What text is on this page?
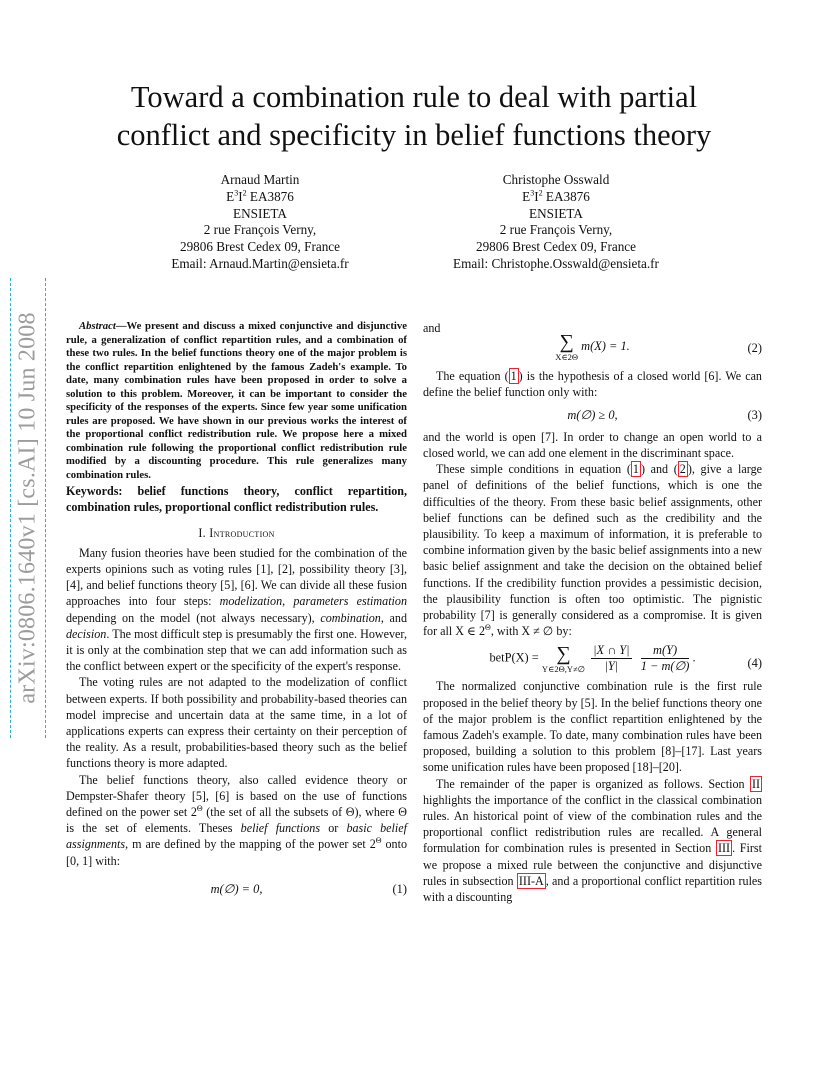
Toward a combination rule to deal with partial
conflict and specificity in belief functions theory
Arnaud Martin
$E^3I^2$ EA3876
ENSIETA
2 rue François Verny,
29806 Brest Cedex 09, France
Email: Arnaud.Martin@ensieta.fr
Christophe Osswald
$E^3I^2$ EA3876
ENSIETA
2 rue François Verny,
29806 Brest Cedex 09, France
Email: Christophe.Osswald@ensieta.fr
arXiv:0806.1640v1 [cs.AI] 10 Jun 2008	Abstract—We present and discuss a mixed conjunctive and disjunctive rule, a generalization of conflict repartition rules, and a combination of these two rules. In the belief functions theory one of the major problem is the conflict repartition enlightened by the famous Zadeh's example. To date, many combination rules have been proposed in order to solve a solution to this problem. Moreover, it can be important to consider the specificity of the responses of the experts. Since few year some unification rules are proposed. We have shown in our previous works the interest of the proportional conflict redistribution rule. We propose here a mixed combination rule following the proportional conflict redistribution rule modified by a discounting procedure. This rule generalizes many combination rules.

Keywords: belief functions theory, conflict repartition, combination rules, proportional conflict redistribution rules.

I. Introduction

Many fusion theories have been studied for the combination of the experts opinions such as voting rules [1], [2], possibility theory [3], [4], and belief functions theory [5], [6]. We can divide all these fusion approaches into four steps: modelization, parameters estimation depending on the model (not always necessary), combination, and decision. The most difficult step is presumably the first one. However, it is only at the combination step that we can add information such as the conflict between expert or the specificity of the expert's response.

The voting rules are not adapted to the modelization of conflict between experts. If both possibility and probability-based theories can model imprecise and uncertain data at the same time, in a lot of applications experts can express their certainty on their perception of the reality. As a result, probabilities-based theory such as the belief functions theory is more adapted.

The belief functions theory, also called evidence theory or Dempster-Shafer theory [5], [6] is based on the use of functions defined on the power set $2^\Theta$ (the set of all the subsets of Θ), where Θ is the set of elements. Theses belief functions or basic belief assignments, m are defined by the mapping of the power set $2^\Theta$ onto [0, 1] with:

m(∅) = 0,	(1)

and

∑
X∈2Θ
m(X) = 1.	(2)

The equation ( 1 ) is the hypothesis of a closed world [6]. We can define the belief function only with:

m(∅) ≥ 0,	(3)

and the world is open [7]. In order to change an open world to a closed world, we can add one element in the discriminant space.

These simple conditions in equation ( 1 ) and ( 2 ), give a large panel of definitions of the belief functions, which is one the difficulties of the theory. From these basic belief assignments, other belief functions can be defined such as the credibility and the plausibility. To keep a maximum of information, it is preferable to combine information given by the basic belief assignments into a new basic belief assignment and take the decision on the obtained belief functions. If the credibility function provides a pessimistic decision, the plausibility function is often too optimistic. The pignistic probability [7] is generally considered as a compromise. It is given for all X ∈ $2^\Theta$, with X ≠ ∅ by:

betP(X) = ∑
Y∈2Θ,Y≠∅
$\frac{|X \cap Y|}{|Y|}$
$\frac{m(Y)}{1 - m(\emptyset)}$ .	(4)

The normalized conjunctive combination rule is the first rule proposed in the belief theory by [5]. In the belief functions theory one of the major problem is the conflict repartition enlightened by the famous Zadeh's example. To date, many combination rules have been proposed, building a solution to this problem [8]–[17]. Last years some unification rules have been proposed [18]–[20].

The remainder of the paper is organized as follows. Section II highlights the importance of the conflict in the classical combination rules. An historical point of view of the combination rules and the proportional conflict redistribution rules are recalled. A general formulation for combination rules is presented in Section III . First we propose a mixed rule between the conjunctive and disjunctive rules in subsection III-A , and a proportional conflict repartition rules with a discounting
